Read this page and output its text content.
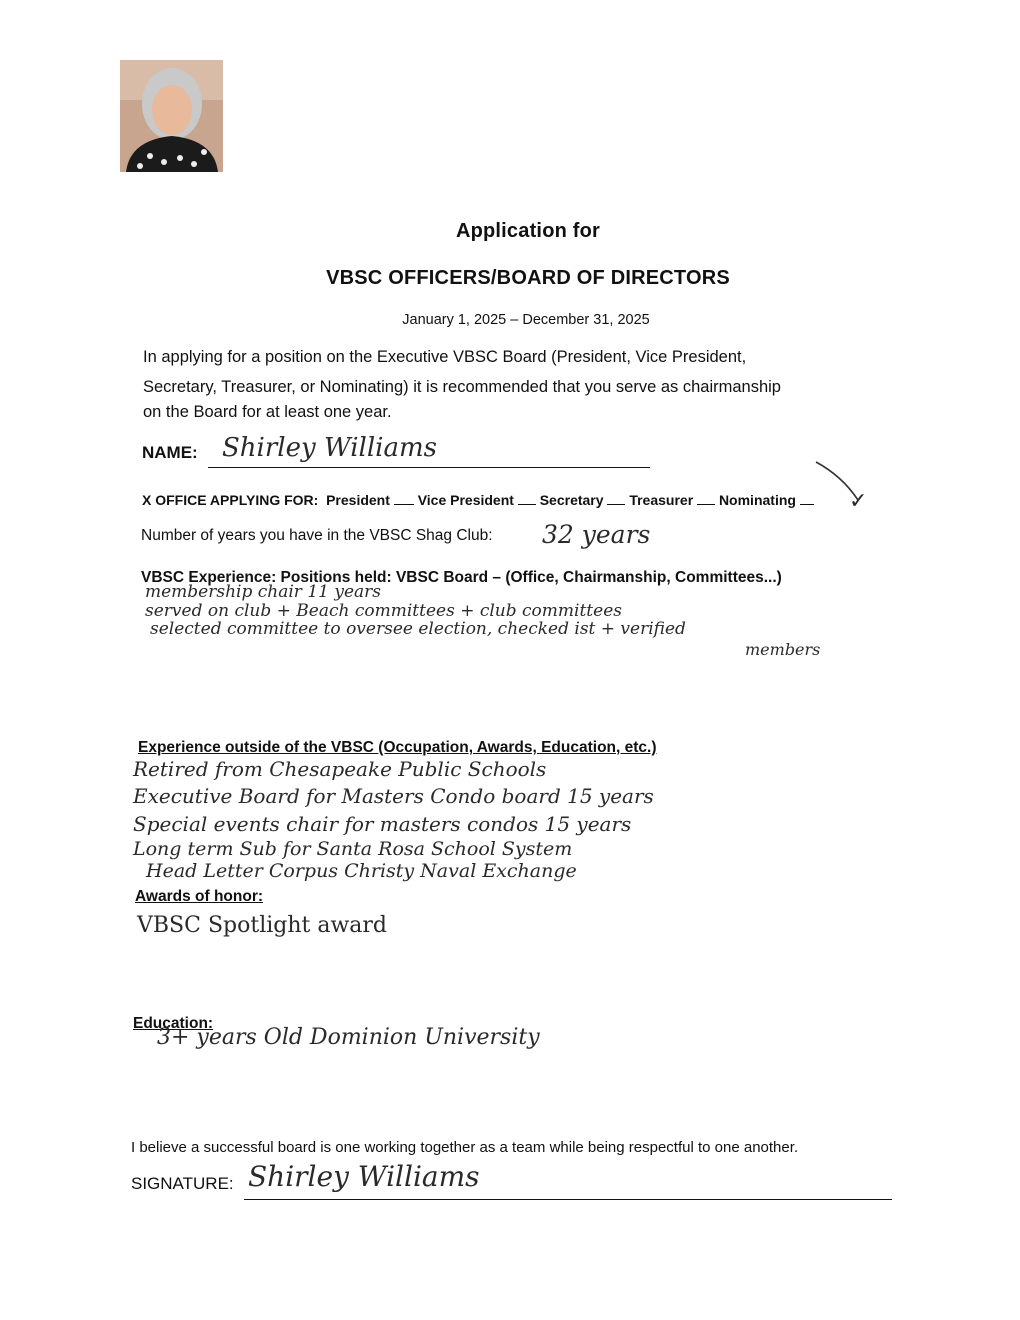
Application for
VBSC OFFICERS/BOARD OF DIRECTORS
January 1, 2025 – December 31, 2025
In applying for a position on the Executive VBSC Board (President, Vice President,
Secretary, Treasurer, or Nominating) it is recommended that you serve as chairmanship
on the Board for at least one year.
NAME: Shirley Williams
X OFFICE APPLYING FOR: President Vice President Secretary Treasurer Nominating	✓
Number of years you have in the VBSC Shag Club: 32 years
VBSC Experience: Positions held: VBSC Board – (Office, Chairmanship, Committees...)
membership chair 11 years
served on club + Beach committees + club committees
selected committee to oversee election, checked ist + verified
members
Experience outside of the VBSC (Occupation, Awards, Education, etc.)
Retired from Chesapeake Public Schools
Executive Board for Masters Condo board 15 years
Special events chair for masters condos 15 years
Long term Sub for Santa Rosa School System
Head Letter Corpus Christy Naval Exchange
Awards of honor:
VBSC Spotlight award
Education:
3+ years Old Dominion University
I believe a successful board is one working together as a team while being respectful to one another.
SIGNATURE: Shirley Williams
